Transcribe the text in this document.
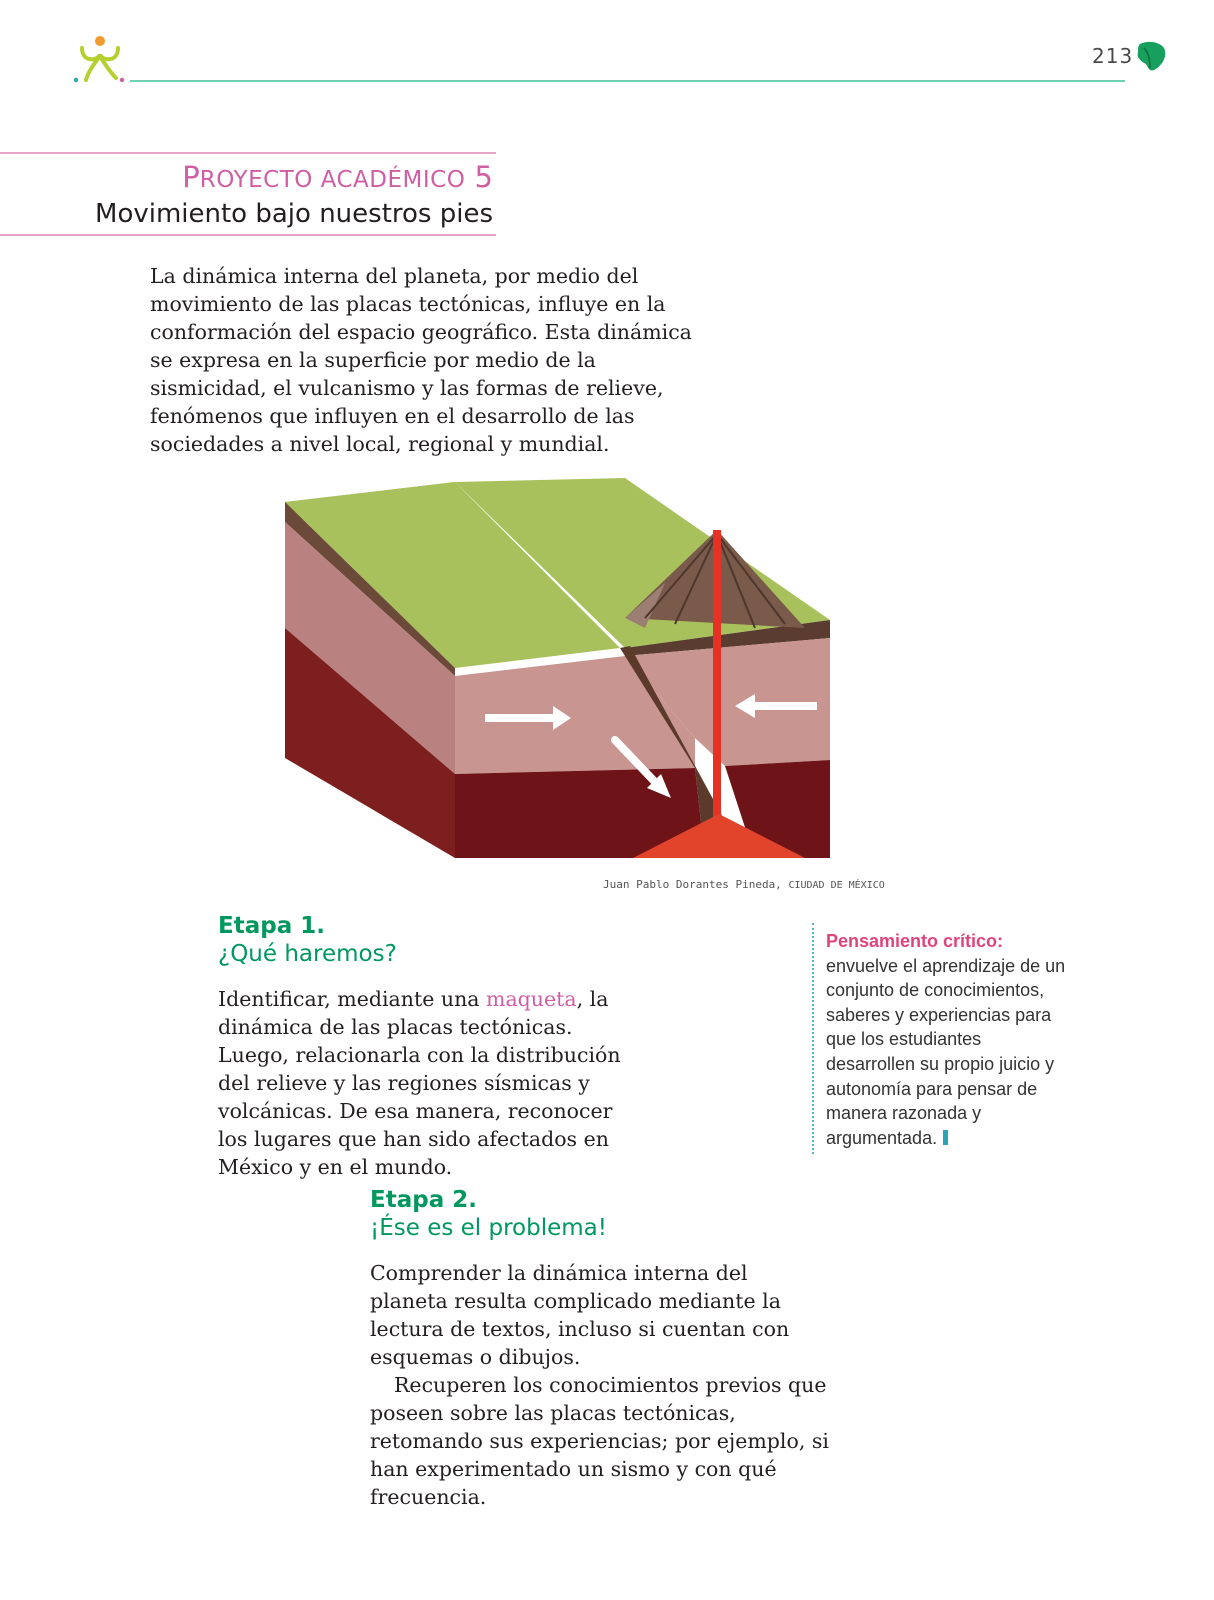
213
PROYECTO ACADÉMICO 5
Movimiento bajo nuestros pies
La dinámica interna del planeta, por medio del movimiento de las placas tectónicas, influye en la conformación del espacio geográfico. Esta dinámica se expresa en la superficie por medio de la sismicidad, el vulcanismo y las formas de relieve, fenómenos que influyen en el desarrollo de las sociedades a nivel local, regional y mundial.
Juan Pablo Dorantes Pineda, CIUDAD DE MÉXICO
Etapa 1.
¿Qué haremos?
Identificar, mediante una maqueta, la dinámica de las placas tectónicas. Luego, relacionarla con la distribución del relieve y las regiones sísmicas y volcánicas. De esa manera, reconocer los lugares que han sido afectados en México y en el mundo.
Pensamiento crítico:
envuelve el aprendizaje de un conjunto de conocimientos, saberes y experiencias para que los estudiantes desarrollen su propio juicio y autonomía para pensar de manera razonada y argumentada.
Etapa 2.
¡Ése es el problema!
Comprender la dinámica interna del planeta resulta complicado mediante la lectura de textos, incluso si cuentan con esquemas o dibujos.
Recuperen los conocimientos previos que poseen sobre las placas tectónicas, retomando sus experiencias; por ejemplo, si han experimentado un sismo y con qué frecuencia.
